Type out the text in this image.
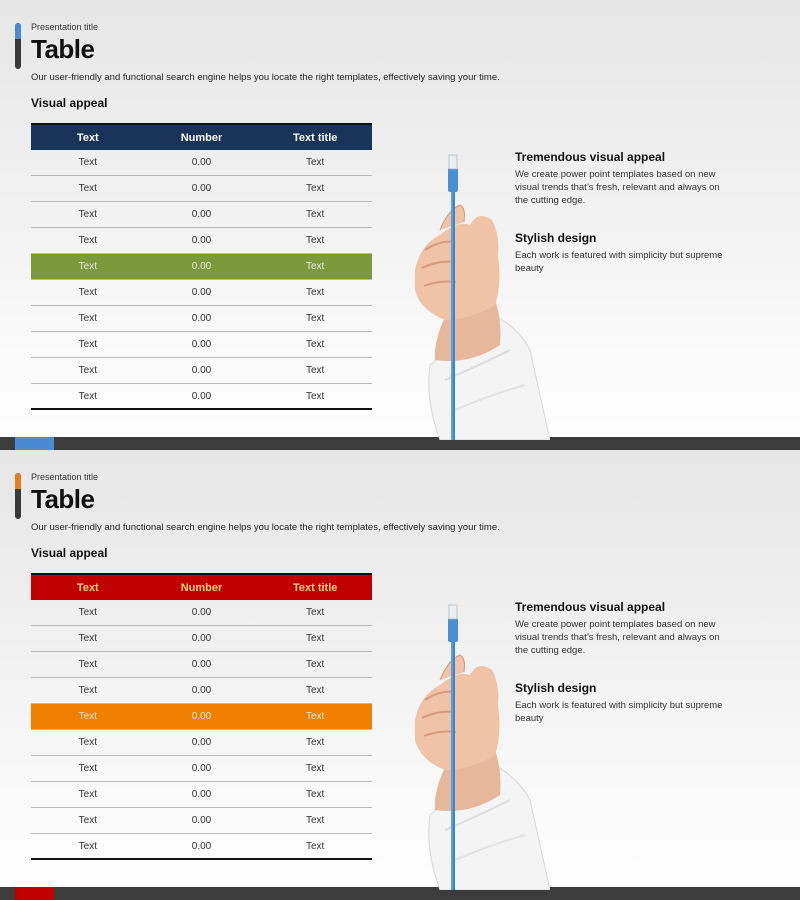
Presentation title
Table
Our user-friendly and functional search engine helps you locate the right templates, effectively saving your time.
Visual appeal
Text	Number	Text title
Text	0.00	Text
Text	0.00	Text
Text	0.00	Text
Text	0.00	Text
Text	0.00	Text
Text	0.00	Text
Text	0.00	Text
Text	0.00	Text
Text	0.00	Text
Text	0.00	Text
Tremendous visual appeal
We create power point templates based on new visual trends that’s fresh, relevant and always on the cutting edge.
Stylish design
Each work is featured with simplicity but supreme beauty
Presentation title
Table
Our user-friendly and functional search engine helps you locate the right templates, effectively saving your time.
Visual appeal
Text	Number	Text title
Text	0.00	Text
Text	0.00	Text
Text	0.00	Text
Text	0.00	Text
Text	0.00	Text
Text	0.00	Text
Text	0.00	Text
Text	0.00	Text
Text	0.00	Text
Text	0.00	Text
Tremendous visual appeal
We create power point templates based on new visual trends that’s fresh, relevant and always on the cutting edge.
Stylish design
Each work is featured with simplicity but supreme beauty
